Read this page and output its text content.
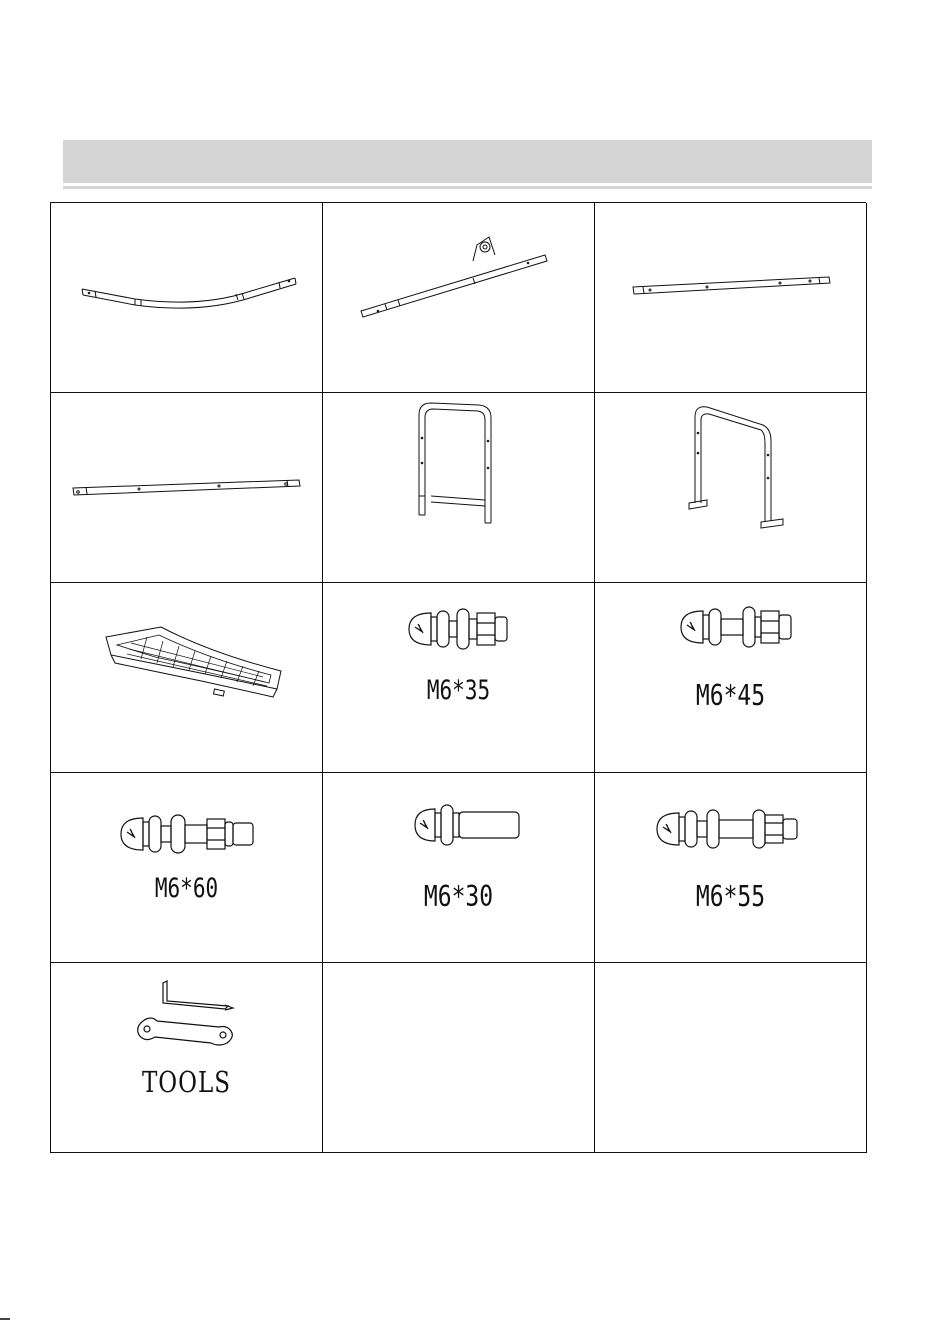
M6*35	M6*45
M6*60	M6*30	M6*55
TOOLS
